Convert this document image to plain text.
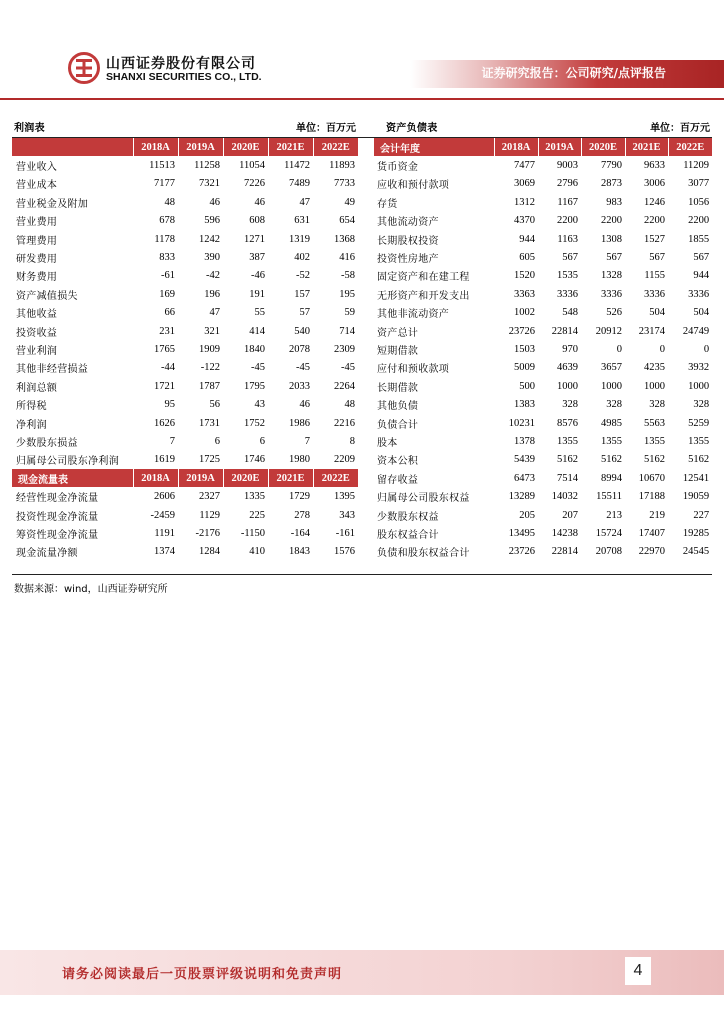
山西证券股份有限公司
SHANXI SECURITIES CO., LTD.	证券研究报告：公司研究/点评报告
利润表			单位：百万元		
	2018A	2019A	2020E	2021E	2022E
营业收入	11513	11258	11054	11472	11893
营业成本	7177	7321	7226	7489	7733
营业税金及附加	48	46	46	47	49
营业费用	678	596	608	631	654
管理费用	1178	1242	1271	1319	1368
研发费用	833	390	387	402	416
财务费用	-61	-42	-46	-52	-58
资产减值损失	169	196	191	157	195
其他收益	66	47	55	57	59
投资收益	231	321	414	540	714
营业利润	1765	1909	1840	2078	2309
其他非经营损益	-44	-122	-45	-45	-45
利润总额	1721	1787	1795	2033	2264
所得税	95	56	43	46	48
净利润	1626	1731	1752	1986	2216
少数股东损益	7	6	6	7	8
归属母公司股东净利润	1619	1725	1746	1980	2209
现金流量表	2018A	2019A	2020E	2021E	2022E
经营性现金净流量	2606	2327	1335	1729	1395
投资性现金净流量	-2459	1129	225	278	343
筹资性现金净流量	1191	-2176	-1150	-164	-161
现金流量净额	1374	1284	410	1843	1576
资产负债表			单位：百万元		
会计年度	2018A	2019A	2020E	2021E	2022E
货币资金	7477	9003	7790	9633	11209
应收和预付款项	3069	2796	2873	3006	3077
存货	1312	1167	983	1246	1056
其他流动资产	4370	2200	2200	2200	2200
长期股权投资	944	1163	1308	1527	1855
投资性房地产	605	567	567	567	567
固定资产和在建工程	1520	1535	1328	1155	944
无形资产和开发支出	3363	3336	3336	3336	3336
其他非流动资产	1002	548	526	504	504
资产总计	23726	22814	20912	23174	24749
短期借款	1503	970	0	0	0
应付和预收款项	5009	4639	3657	4235	3932
长期借款	500	1000	1000	1000	1000
其他负债	1383	328	328	328	328
负债合计	10231	8576	4985	5563	5259
股本	1378	1355	1355	1355	1355
资本公积	5439	5162	5162	5162	5162
留存收益	6473	7514	8994	10670	12541
归属母公司股东权益	13289	14032	15511	17188	19059
少数股东权益	205	207	213	219	227
股东权益合计	13495	14238	15724	17407	19285
负债和股东权益合计	23726	22814	20708	22970	24545
数据来源：wind，山西证券研究所
请务必阅读最后一页股票评级说明和免责声明	4
